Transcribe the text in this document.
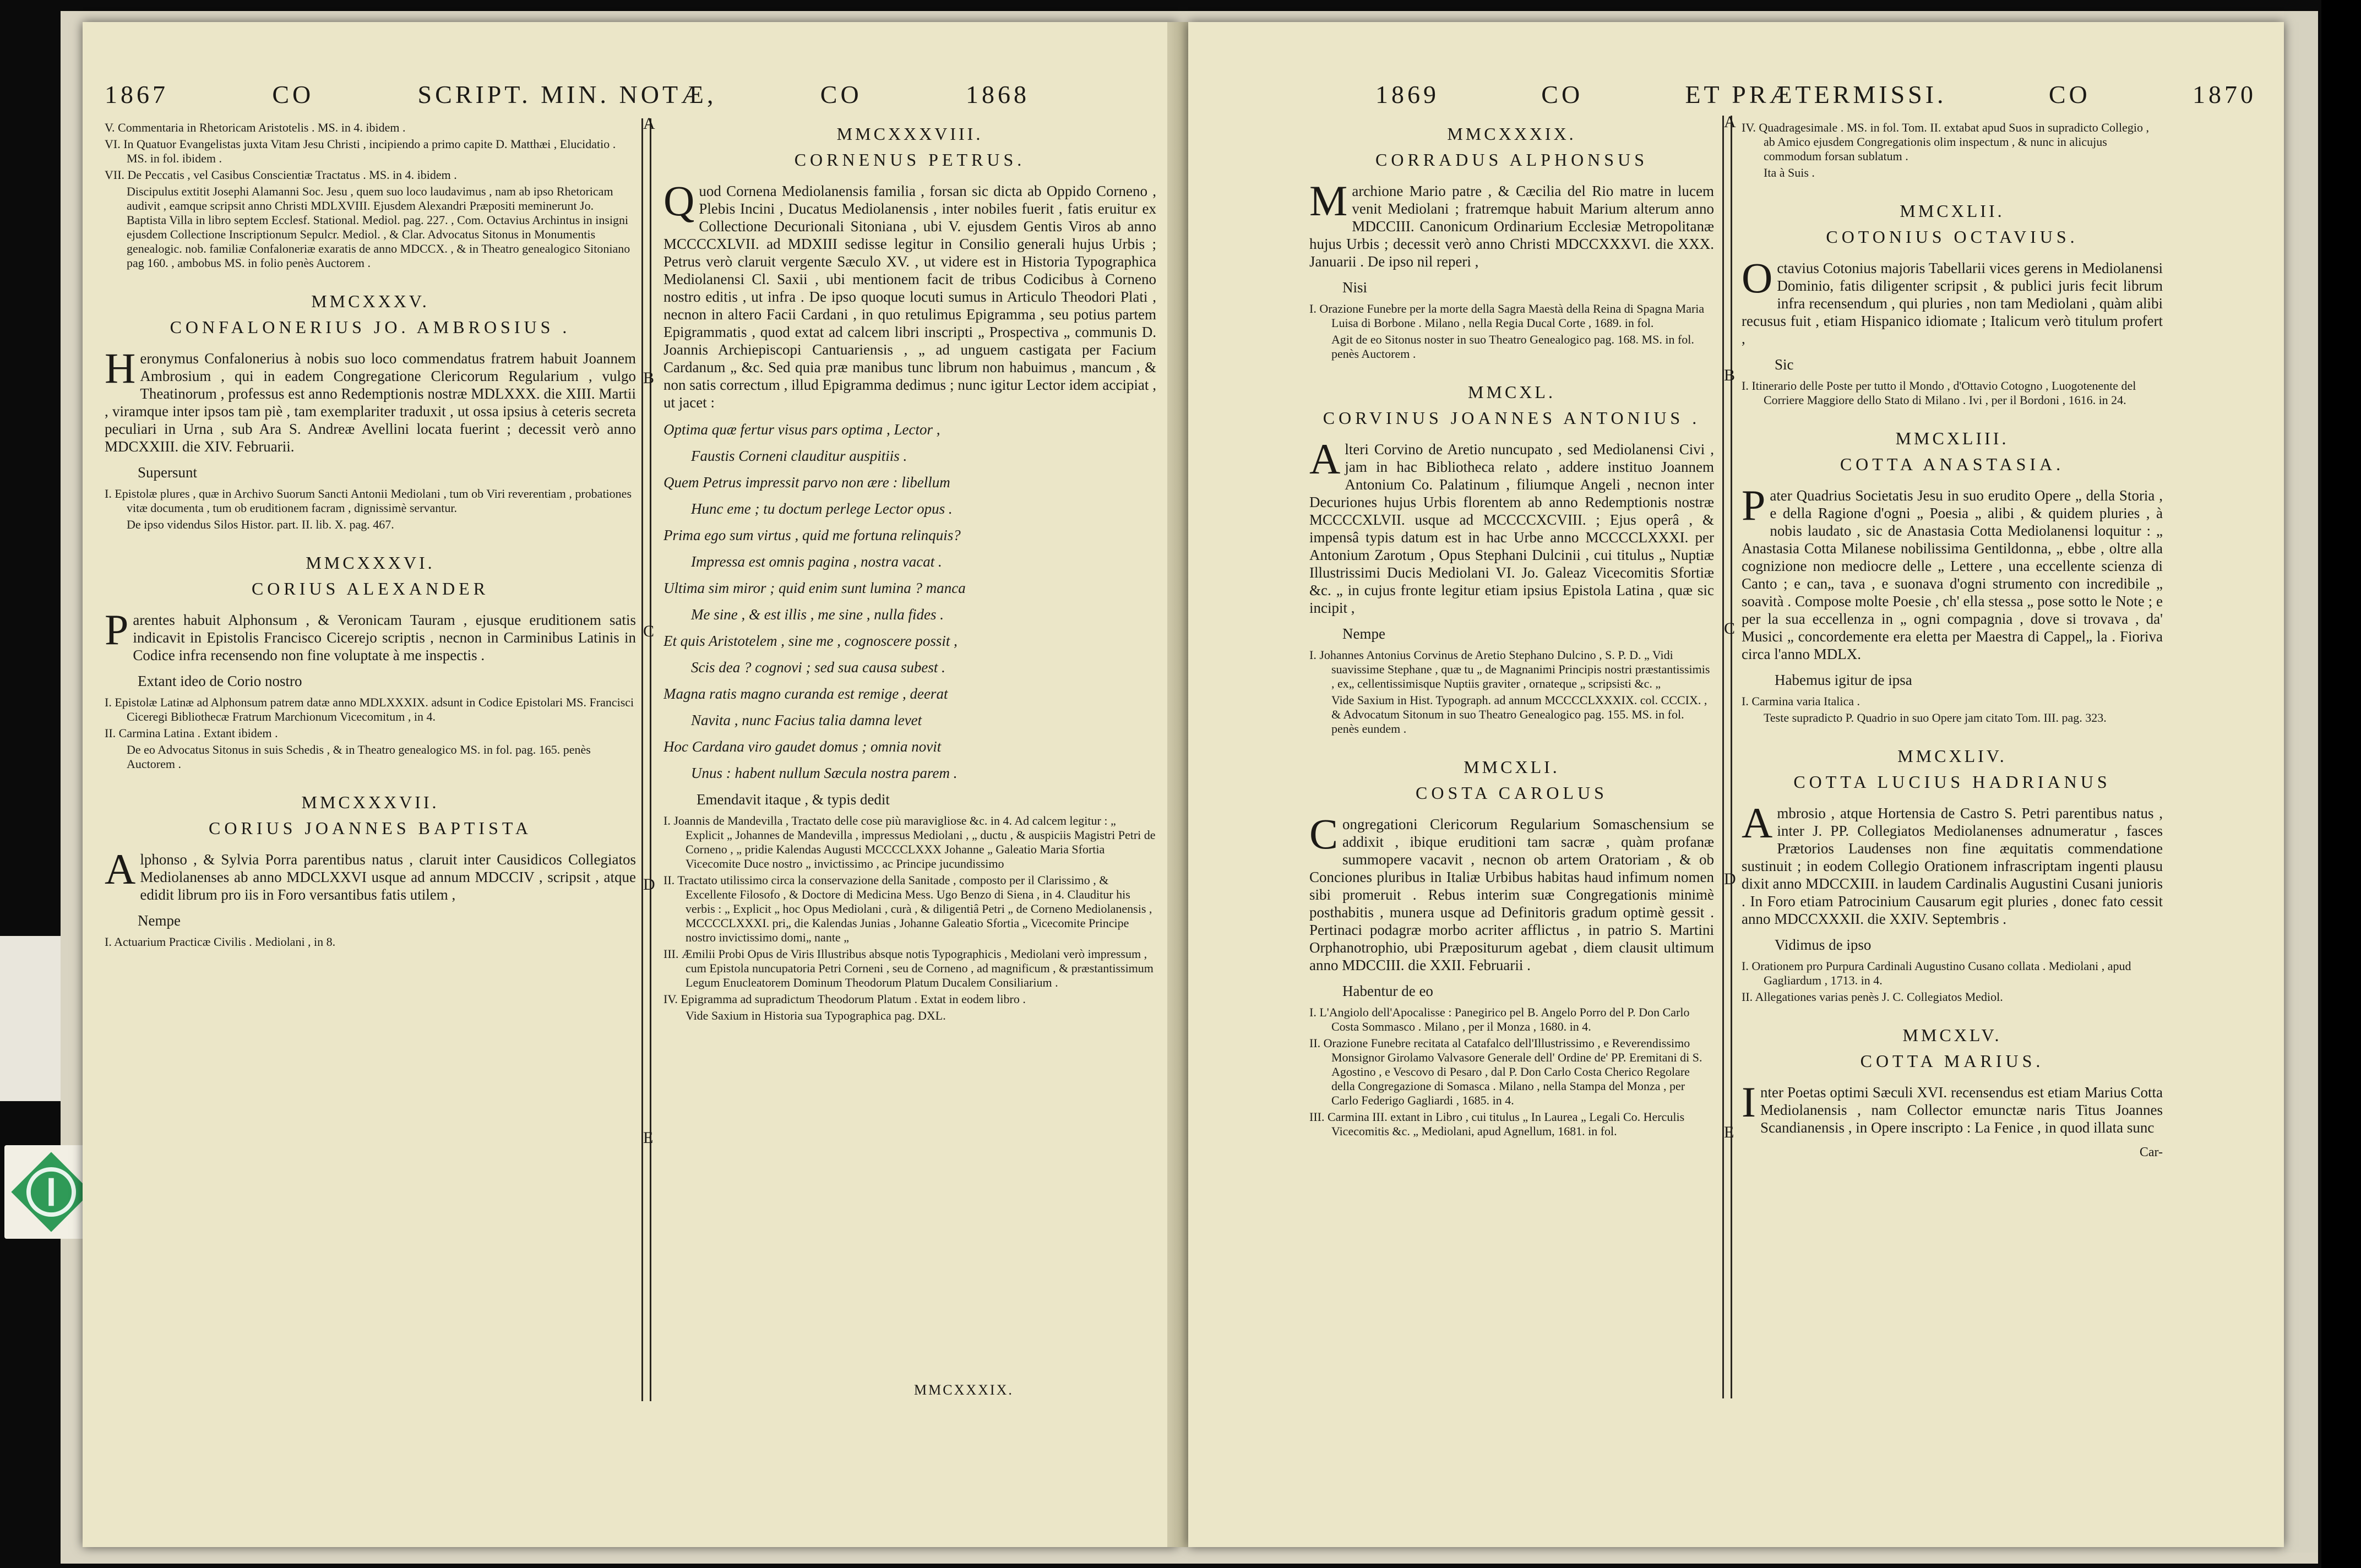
1867	CO	SCRIPT. MIN. NOTÆ,	CO	1868
A
B
C
D
E

V. Commentaria in Rhetoricam Aristotelis . MS. in 4. ibidem .

VI. In Quatuor Evangelistas juxta Vitam Jesu Christi , incipiendo a primo capite D. Matthæi , Elucidatio . MS. in fol. ibidem .

VII. De Peccatis , vel Casibus Conscientiæ Tractatus . MS. in 4. ibidem .

Discipulus extitit Josephi Alamanni Soc. Jesu , quem suo loco laudavimus , nam ab ipso Rhetoricam audivit , eamque scripsit anno Christi MDLXVIII. Ejusdem Alexandri Præpositi meminerunt Jo. Baptista Villa in libro septem Ecclesf. Stational. Mediol. pag. 227. , Com. Octavius Archintus in insigni ejusdem Collectione Inscriptionum Sepulcr. Mediol. , & Clar. Advocatus Sitonus in Monumentis genealogic. nob. familiæ Confaloneriæ exaratis de anno MDCCX. , & in Theatro genealogico Sitoniano pag 160. , ambobus MS. in folio penès Auctorem .

MMCXXXV.
CONFALONERIUS JO. AMBROSIUS .

Heronymus Confalonerius à nobis suo loco commendatus fratrem habuit Joannem Ambrosium , qui in eadem Congregatione Clericorum Regularium , vulgo Theatinorum , professus est anno Redemptionis nostræ MDLXXX. die XIII. Martii , viramque inter ipsos tam piè , tam exemplariter traduxit , ut ossa ipsius à ceteris secreta peculiari in Urna , sub Ara S. Andreæ Avellini locata fuerint ; decessit verò anno MDCXXIII. die XIV. Februarii.

Supersunt

I. Epistolæ plures , quæ in Archivo Suorum Sancti Antonii Mediolani , tum ob Viri reverentiam , probationes vitæ documenta , tum ob eruditionem facram , dignissimè servantur.

De ipso videndus Silos Histor. part. II. lib. X. pag. 467.

MMCXXXVI.
CORIUS ALEXANDER

Parentes habuit Alphonsum , & Veronicam Tauram , ejusque eruditionem satis indicavit in Epistolis Francisco Cicerejo scriptis , necnon in Carminibus Latinis in Codice infra recensendo non fine voluptate à me inspectis .

Extant ideo de Corio nostro

I. Epistolæ Latinæ ad Alphonsum patrem datæ anno MDLXXXIX. adsunt in Codice Epistolari MS. Francisci Ciceregi Bibliothecæ Fratrum Marchionum Vicecomitum , in 4.

II. Carmina Latina . Extant ibidem .

De eo Advocatus Sitonus in suis Schedis , & in Theatro genealogico MS. in fol. pag. 165. penès Auctorem .

MMCXXXVII.
CORIUS JOANNES BAPTISTA

Alphonso , & Sylvia Porra parentibus natus , claruit inter Causidicos Collegiatos Mediolanenses ab anno MDCLXXVI usque ad annum MDCCIV , scripsit , atque edidit librum pro iis in Foro versantibus fatis utilem ,

Nempe

I. Actuarium Practicæ Civilis . Mediolani , in 8.

MMCXXXVIII.
CORNENUS PETRUS.

Quod Cornena Mediolanensis familia , forsan sic dicta ab Oppido Corneno , Plebis Incini , Ducatus Mediolanensis , inter nobiles fuerit , fatis eruitur ex Collectione Decurionali Sitoniana , ubi V. ejusdem Gentis Viros ab anno MCCCCXLVII. ad MDXIII sedisse legitur in Consilio generali hujus Urbis ; Petrus verò claruit vergente Sæculo XV. , ut videre est in Historia Typographica Mediolanensi Cl. Saxii , ubi mentionem facit de tribus Codicibus à Corneno nostro editis , ut infra . De ipso quoque locuti sumus in Articulo Theodori Plati , necnon in altero Facii Cardani , in quo retulimus Epigramma , seu potius partem Epigrammatis , quod extat ad calcem libri inscripti „ Prospectiva „ communis D. Joannis Archiepiscopi Cantuariensis , „ ad unguem castigata per Facium Cardanum „ &c. Sed quia præ manibus tunc librum non habuimus , mancum , & non satis correctum , illud Epigramma dedimus ; nunc igitur Lector idem accipiat , ut jacet :

Optima quæ fertur visus pars optima , Lector ,
Faustis Corneni clauditur auspitiis .
Quem Petrus impressit parvo non ære : libellum
Hunc eme ; tu doctum perlege Lector opus .
Prima ego sum virtus , quid me fortuna relinquis?
Impressa est omnis pagina , nostra vacat .
Ultima sim miror ; quid enim sunt lumina ? manca
Me sine , & est illis , me sine , nulla fides .
Et quis Aristotelem , sine me , cognoscere possit ,
Scis dea ? cognovi ; sed sua causa subest .
Magna ratis magno curanda est remige , deerat
Navita , nunc Facius talia damna levet
Hoc Cardana viro gaudet domus ; omnia novit
Unus : habent nullum Sæcula nostra parem .
Emendavit itaque , & typis dedit

I. Joannis de Mandevilla , Tractato delle cose più maravigliose &c. in 4. Ad calcem legitur : „ Explicit „ Johannes de Mandevilla , impressus Mediolani , „ ductu , & auspiciis Magistri Petri de Corneno , „ pridie Kalendas Augusti MCCCCLXXX Johanne „ Galeatio Maria Sfortia Vicecomite Duce nostro „ invictissimo , ac Principe jucundissimo

II. Tractato utilissimo circa la conservazione della Sanitade , composto per il Clarissimo , & Excellente Filosofo , & Doctore di Medicina Mess. Ugo Benzo di Siena , in 4. Clauditur his verbis : „ Explicit „ hoc Opus Mediolani , curà , & diligentiâ Petri „ de Corneno Mediolanensis , MCCCCLXXXI. pri„ die Kalendas Junias , Johanne Galeatio Sfortia „ Vicecomite Principe nostro invictissimo domi„ nante „

III. Æmilii Probi Opus de Viris Illustribus absque notis Typographicis , Mediolani verò impressum , cum Epistola nuncupatoria Petri Corneni , seu de Corneno , ad magnificum , & præstantissimum Legum Enucleatorem Dominum Theodorum Platum Ducalem Consiliarium .

IV. Epigramma ad supradictum Theodorum Platum . Extat in eodem libro .

Vide Saxium in Historia sua Typographica pag. DXL.

MMCXXXIX.
1869	CO	ET PRÆTERMISSI.	CO	1870
A
B
C
D
E
MMCXXXIX.
CORRADUS ALPHONSUS

Marchione Mario patre , & Cæcilia del Rio matre in lucem venit Mediolani ; fratremque habuit Marium alterum anno MDCCIII. Canonicum Ordinarium Ecclesiæ Metropolitanæ hujus Urbis ; decessit verò anno Christi MDCCXXXVI. die XXX. Januarii . De ipso nil reperi ,

Nisi

I. Orazione Funebre per la morte della Sagra Maestà della Reina di Spagna Maria Luisa di Borbone . Milano , nella Regia Ducal Corte , 1689. in fol.

Agit de eo Sitonus noster in suo Theatro Genealogico pag. 168. MS. in fol. penès Auctorem .

MMCXL.
CORVINUS JOANNES ANTONIUS .

Alteri Corvino de Aretio nuncupato , sed Mediolanensi Civi , jam in hac Bibliotheca relato , addere instituo Joannem Antonium Co. Palatinum , filiumque Angeli , necnon inter Decuriones hujus Urbis florentem ab anno Redemptionis nostræ MCCCCXLVII. usque ad MCCCCXCVIII. ; Ejus operâ , & impensâ typis datum est in hac Urbe anno MCCCCLXXXI. per Antonium Zarotum , Opus Stephani Dulcinii , cui titulus „ Nuptiæ Illustrissimi Ducis Mediolani VI. Jo. Galeaz Vicecomitis Sfortiæ &c. „ in cujus fronte legitur etiam ipsius Epistola Latina , quæ sic incipit ,

Nempe

I. Johannes Antonius Corvinus de Aretio Stephano Dulcino , S. P. D. „ Vidi suavissime Stephane , quæ tu „ de Magnanimi Principis nostri præstantissimis , ex„ cellentissimisque Nuptiis graviter , ornateque „ scripsisti &c. „

Vide Saxium in Hist. Typograph. ad annum MCCCCLXXXIX. col. CCCIX. , & Advocatum Sitonum in suo Theatro Genealogico pag. 155. MS. in fol. penès eundem .

MMCXLI.
COSTA CAROLUS

Congregationi Clericorum Regularium Somaschensium se addixit , ibique eruditioni tam sacræ , quàm profanæ summopere vacavit , necnon ob artem Oratoriam , & ob Conciones pluribus in Italiæ Urbibus habitas haud infimum nomen sibi promeruit . Rebus interim suæ Congregationis minimè posthabitis , munera usque ad Definitoris gradum optimè gessit . Pertinaci podagræ morbo acriter afflictus , in patrio S. Martini Orphanotrophio, ubi Præpositurum agebat , diem clausit ultimum anno MDCCIII. die XXII. Februarii .

Habentur de eo

I. L'Angiolo dell'Apocalisse : Panegirico pel B. Angelo Porro del P. Don Carlo Costa Sommasco . Milano , per il Monza , 1680. in 4.

II. Orazione Funebre recitata al Catafalco dell'Illustrissimo , e Reverendissimo Monsignor Girolamo Valvasore Generale dell' Ordine de' PP. Eremitani di S. Agostino , e Vescovo di Pesaro , dal P. Don Carlo Costa Cherico Regolare della Congregazione di Somasca . Milano , nella Stampa del Monza , per Carlo Federigo Gagliardi , 1685. in 4.

III. Carmina III. extant in Libro , cui titulus „ In Laurea „ Legali Co. Herculis Vicecomitis &c. „ Mediolani, apud Agnellum, 1681. in fol.

IV. Quadragesimale . MS. in fol. Tom. II. extabat apud Suos in supradicto Collegio , ab Amico ejusdem Congregationis olim inspectum , & nunc in alicujus commodum forsan sublatum .

Ita à Suis .

MMCXLII.
COTONIUS OCTAVIUS.

Octavius Cotonius majoris Tabellarii vices gerens in Mediolanensi Dominio, fatis diligenter scripsit , & publici juris fecit librum infra recensendum , qui pluries , non tam Mediolani , quàm alibi recusus fuit , etiam Hispanico idiomate ; Italicum verò titulum profert ,

Sic

I. Itinerario delle Poste per tutto il Mondo , d'Ottavio Cotogno , Luogotenente del Corriere Maggiore dello Stato di Milano . Ivi , per il Bordoni , 1616. in 24.

MMCXLIII.
COTTA ANASTASIA.

Pater Quadrius Societatis Jesu in suo erudito Opere „ della Storia , e della Ragione d'ogni „ Poesia „ alibi , & quidem pluries , à nobis laudato , sic de Anastasia Cotta Mediolanensi loquitur : „ Anastasia Cotta Milanese nobilissima Gentildonna, „ ebbe , oltre alla cognizione non mediocre delle „ Lettere , una eccellente scienza di Canto ; e can„ tava , e suonava d'ogni strumento con incredibile „ soavità . Compose molte Poesie , ch' ella stessa „ pose sotto le Note ; e per la sua eccellenza in „ ogni compagnia , dove si trovava , da' Musici „ concordemente era eletta per Maestra di Cappel„ la . Fioriva circa l'anno MDLX.

Habemus igitur de ipsa

I. Carmina varia Italica .

Teste supradicto P. Quadrio in suo Opere jam citato Tom. III. pag. 323.

MMCXLIV.
COTTA LUCIUS HADRIANUS

Ambrosio , atque Hortensia de Castro S. Petri parentibus natus , inter J. PP. Collegiatos Mediolanenses adnumeratur , fasces Prætorios Laudenses non fine æquitatis commendatione sustinuit ; in eodem Collegio Orationem infrascriptam ingenti plausu dixit anno MDCCXIII. in laudem Cardinalis Augustini Cusani junioris . In Foro etiam Patrocinium Causarum egit pluries , donec fato cessit anno MDCCXXXII. die XXIV. Septembris .

Vidimus de ipso

I. Orationem pro Purpura Cardinali Augustino Cusano collata . Mediolani , apud Gagliardum , 1713. in 4.

II. Allegationes varias penès J. C. Collegiatos Mediol.

MMCXLV.
COTTA MARIUS.

Inter Poetas optimi Sæculi XVI. recensendus est etiam Marius Cotta Mediolanensis , nam Collector emunctæ naris Titus Joannes Scandianensis , in Opere inscripto : La Fenice , in quod illata sunc

Car-
